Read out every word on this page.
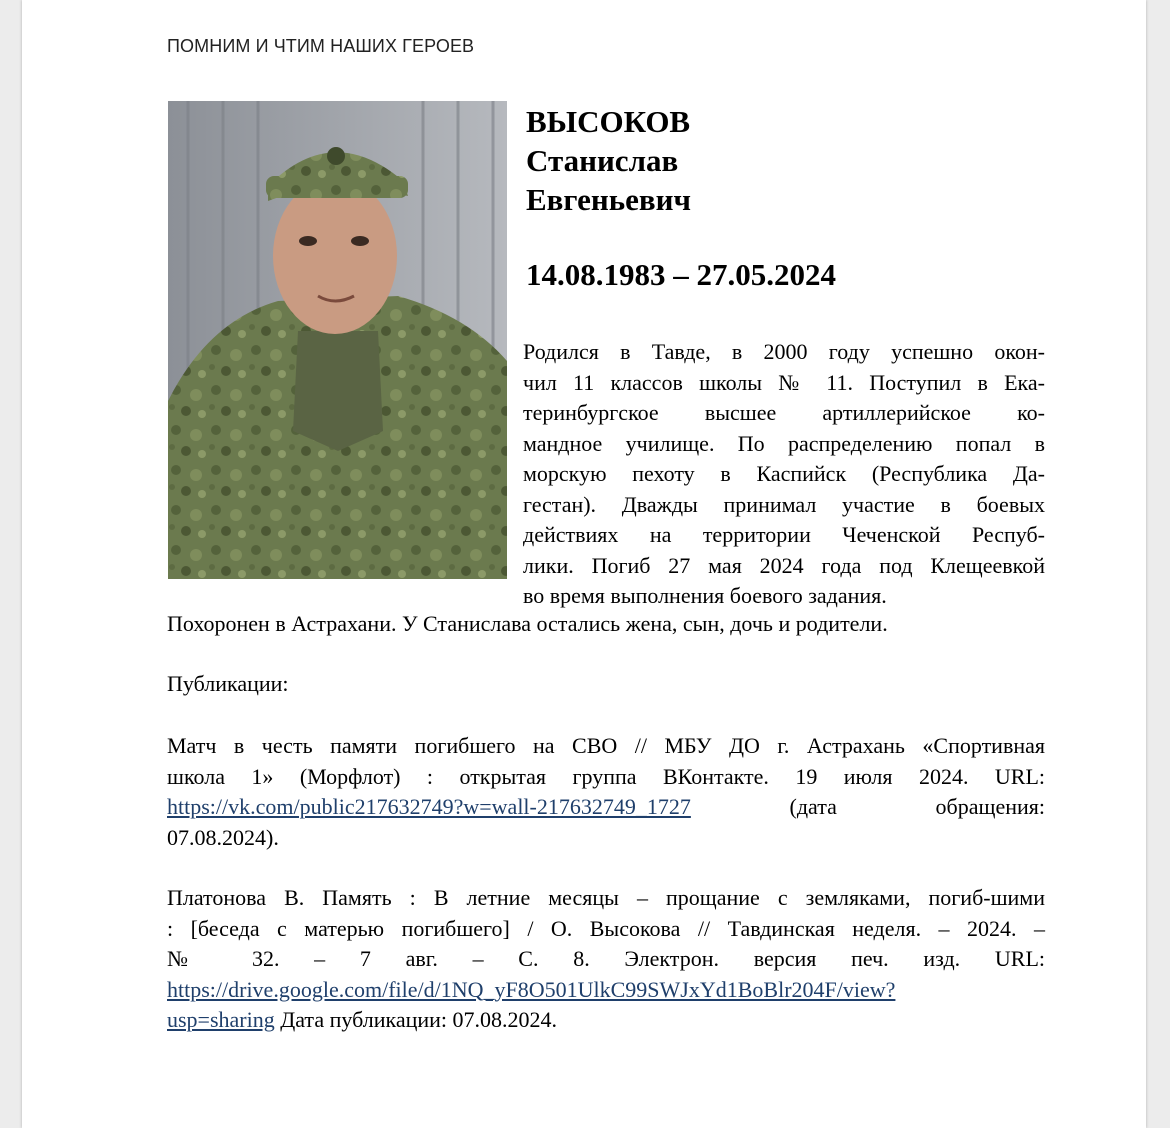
ПОМНИМ И ЧТИМ НАШИХ ГЕРОЕВ
ВЫСОКОВ
Станислав
Евгеньевич
14.08.1983 – 27.05.2024
Родился в Тавде, в 2000 году успешно окон-
чил 11 классов школы № 11. Поступил в Ека-
теринбургское высшее артиллерийское ко-
мандное училище. По распределению попал в
морскую пехоту в Каспийск (Республика Да-
гестан). Дважды принимал участие в боевых
действиях на территории Чеченской Респуб-
лики. Погиб 27 мая 2024 года под Клещеевкой
во время выполнения боевого задания.
Похоронен в Астрахани. У Станислава остались жена, сын, дочь и родители.
Публикации:
Матч в честь памяти погибшего на СВО // МБУ ДО г. Астрахань «Спортивная
школа 1» (Морфлот) : открытая группа ВКонтакте. 19 июля 2024. URL:
https://vk.com/public217632749?w=wall-217632749_1727	(дата обращения:
07.08.2024).
Платонова В. Память : В летние месяцы – прощание с земляками, погиб-шими
: [беседа с матерью погибшего] / О. Высокова // Тавдинская неделя. – 2024. –
№ 32. – 7 авг. – С. 8. Электрон. версия печ. изд. URL:
https://drive.google.com/file/d/1NQ_yF8O501UlkC99SWJxYd1BoBlr204F/view?
usp=sharing Дата публикации: 07.08.2024.
